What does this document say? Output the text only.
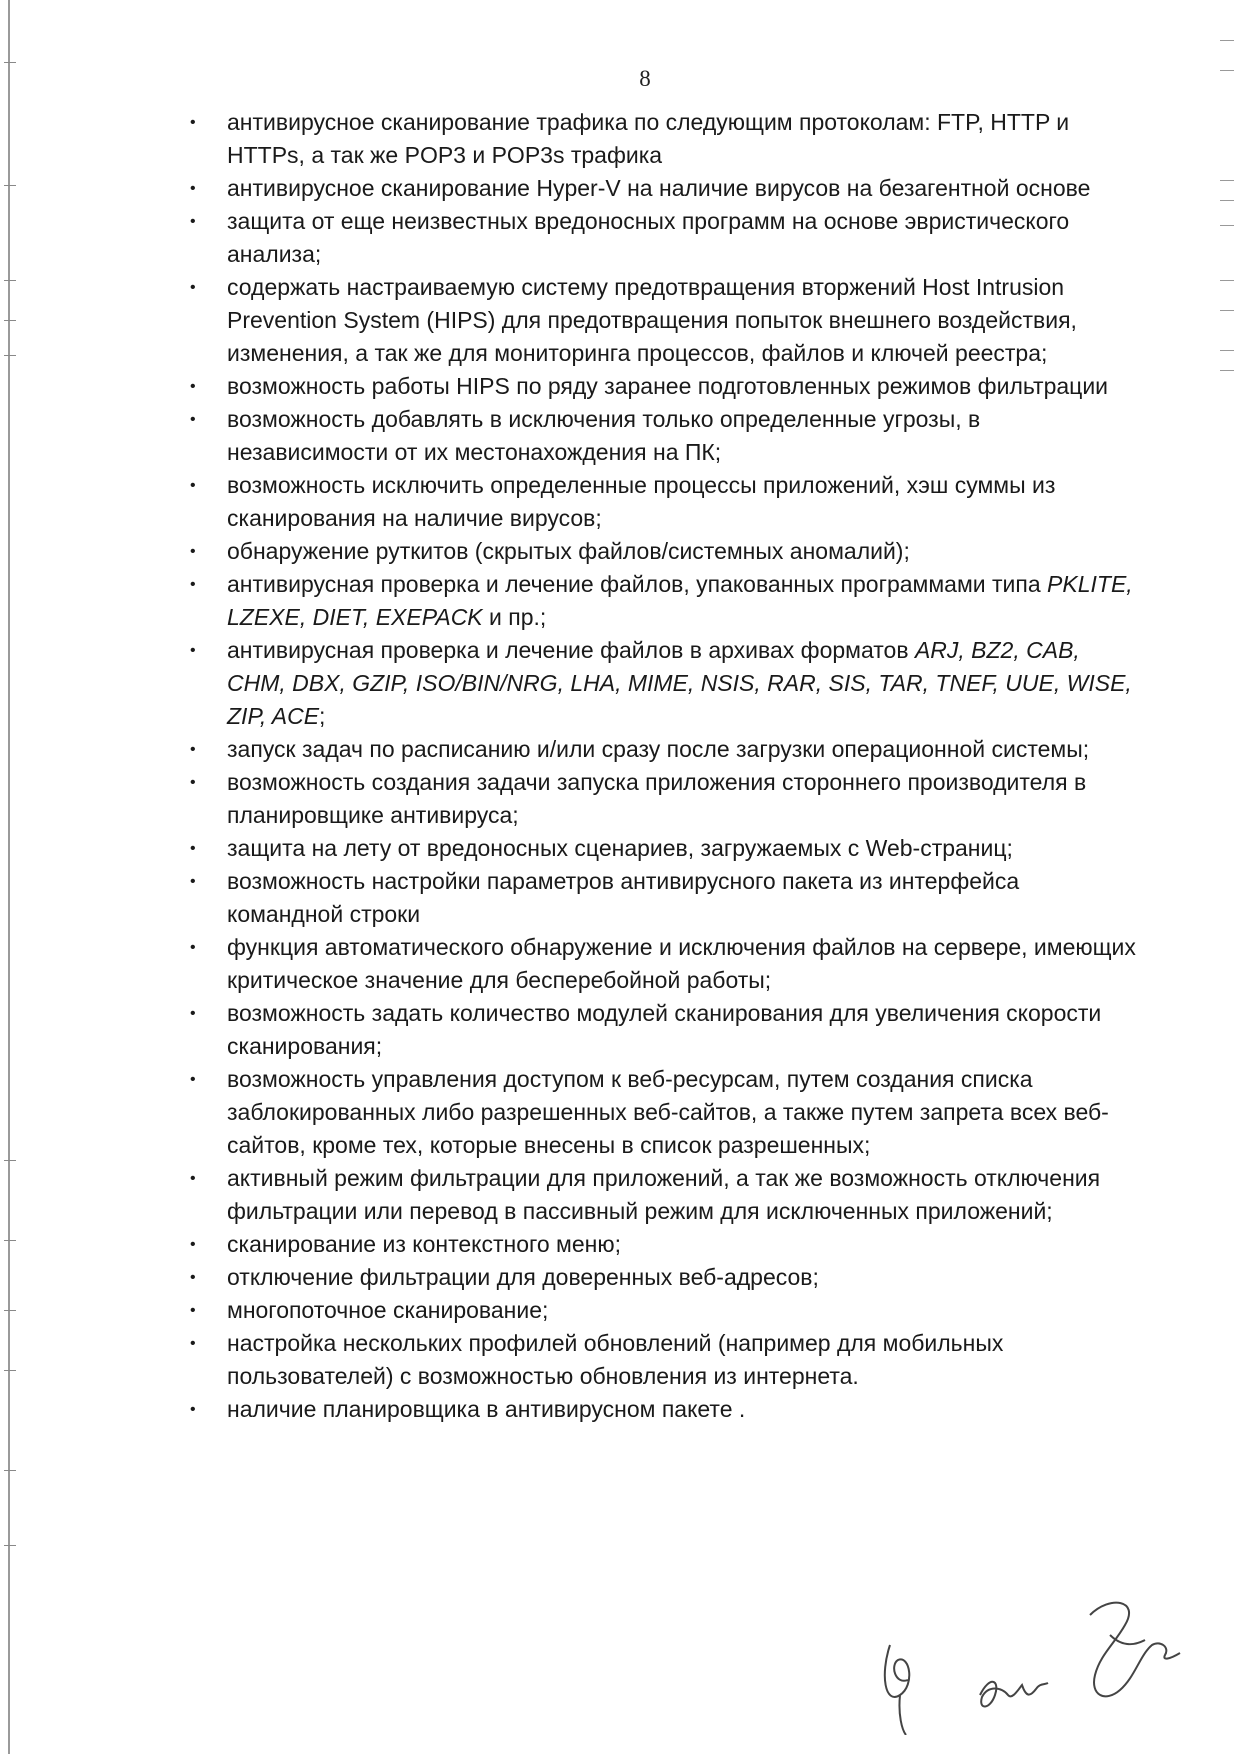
8
• антивирусное сканирование трафика по следующим протоколам: FTP, HTTP и HTTPs, а так же POP3 и POP3s трафика
• антивирусное сканирование Hyper-V на наличие вирусов на безагентной основе
• защита от еще неизвестных вредоносных программ на основе эвристического анализа;
• содержать настраиваемую систему предотвращения вторжений Host Intrusion Prevention System (HIPS) для предотвращения попыток внешнего воздействия, изменения, а так же для мониторинга процессов, файлов и ключей реестра;
• возможность работы HIPS по ряду заранее подготовленных режимов фильтрации
• возможность добавлять в исключения только определенные угрозы, в независимости от их местонахождения на ПК;
• возможность исключить определенные процессы приложений, хэш суммы из сканирования на наличие вирусов;
• обнаружение руткитов (скрытых файлов/системных аномалий);
• антивирусная проверка и лечение файлов, упакованных программами типа PKLITE, LZEXE, DIET, EXEPACK и пр.;
• антивирусная проверка и лечение файлов в архивах форматов ARJ, BZ2, CAB, CHM, DBX, GZIP, ISO/BIN/NRG, LHA, MIME, NSIS, RAR, SIS, TAR, TNEF, UUE, WISE, ZIP, ACE;
• запуск задач по расписанию и/или сразу после загрузки операционной системы;
• возможность создания задачи запуска приложения стороннего производителя в планировщике антивируса;
• защита на лету от вредоносных сценариев, загружаемых с Web-страниц;
• возможность настройки параметров антивирусного пакета из интерфейса командной строки
• функция автоматического обнаружение и исключения файлов на сервере, имеющих критическое значение для бесперебойной работы;
• возможность задать количество модулей сканирования для увеличения скорости сканирования;
• возможность управления доступом к веб-ресурсам, путем создания списка заблокированных либо разрешенных веб-сайтов, а также путем запрета всех веб-сайтов, кроме тех, которые внесены в список разрешенных;
• активный режим фильтрации для приложений, а так же возможность отключения фильтрации или перевод в пассивный режим для исключенных приложений;
• сканирование из контекстного меню;
• отключение фильтрации для доверенных веб-адресов;
• многопоточное сканирование;
• настройка нескольких профилей обновлений (например для мобильных пользователей) с возможностью обновления из интернета.
• наличие планировщика в антивирусном пакете .
